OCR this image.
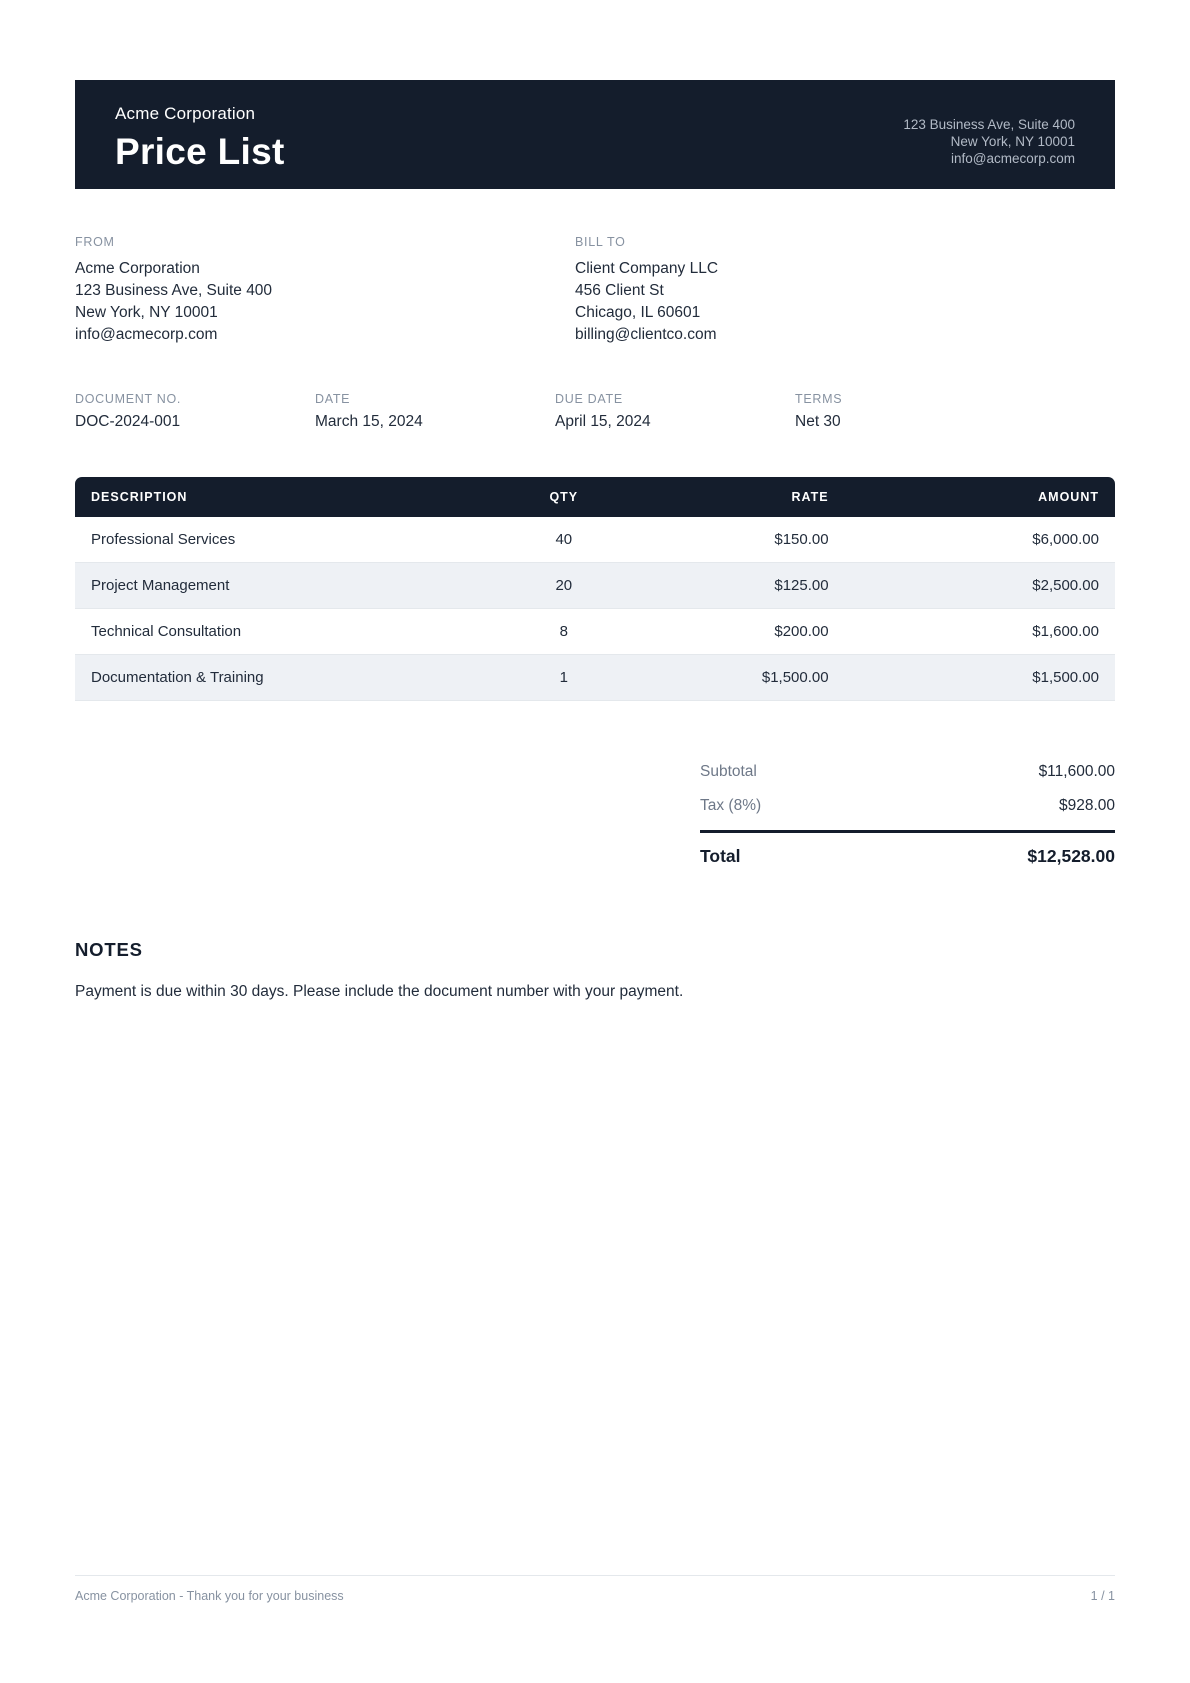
Acme Corporation
Price List
123 Business Ave, Suite 400
New York, NY 10001
info@acmecorp.com
FROM
Acme Corporation
123 Business Ave, Suite 400
New York, NY 10001
info@acmecorp.com
BILL TO
Client Company LLC
456 Client St
Chicago, IL 60601
billing@clientco.com
DOCUMENT NO.
DOC-2024-001
DATE
March 15, 2024
DUE DATE
April 15, 2024
TERMS
Net 30
DESCRIPTION	QTY	RATE	AMOUNT
Professional Services	40	$150.00	$6,000.00
Project Management	20	$125.00	$2,500.00
Technical Consultation	8	$200.00	$1,600.00
Documentation & Training	1	$1,500.00	$1,500.00
Subtotal	$11,600.00
Tax (8%)	$928.00
Total	$12,528.00
NOTES
Payment is due within 30 days. Please include the document number with your payment.
Acme Corporation - Thank you for your business	1 / 1
